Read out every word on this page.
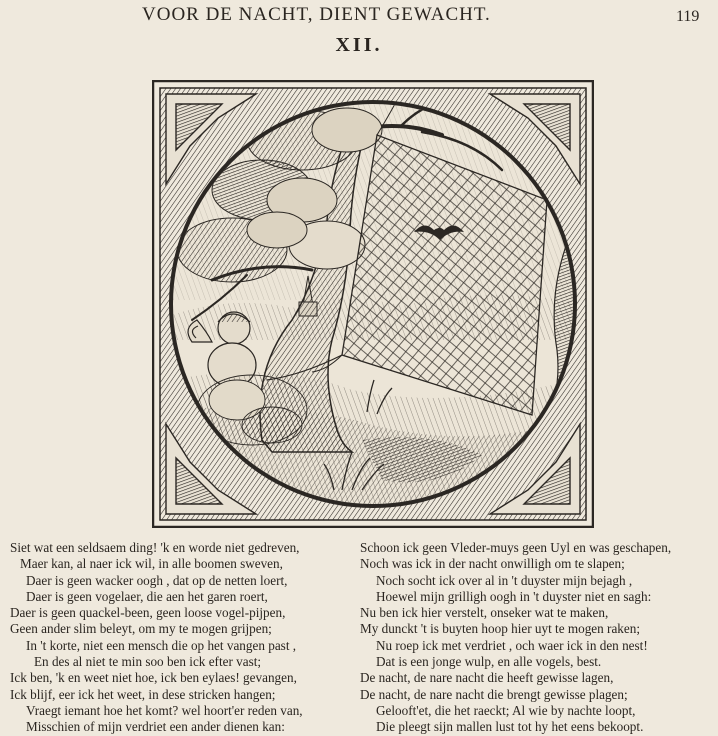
VOOR DE NACHT, DIENT GEWACHT.	119
XII.
Siet wat een seldsaem ding! 'k en worde niet gedreven,
Maer kan, al naer ick wil, in alle boomen sweven,
Daer is geen wacker oogh , dat op de netten loert,
Daer is geen vogelaer, die aen het garen roert,
Daer is geen quackel-been, geen loose vogel-pijpen,
Geen ander slim beleyt, om my te mogen grijpen;
In 't korte, niet een mensch die op het vangen past ,
En des al niet te min soo ben ick efter vast;
Ick ben, 'k en weet niet hoe, ick ben eylaes! gevangen,
Ick blijf, eer ick het weet, in dese stricken hangen;
Vraegt iemant hoe het komt? wel hoort'er reden van,
Misschien of mijn verdriet een ander dienen kan:
Schoon ick geen Vleder-muys geen Uyl en was geschapen,
Noch was ick in der nacht onwilligh om te slapen;
Noch socht ick over al in 't duyster mijn bejagh ,
Hoewel mijn grilligh oogh in 't duyster niet en sagh:
Nu ben ick hier verstelt, onseker wat te maken,
My dunckt 't is buyten hoop hier uyt te mogen raken;
Nu roep ick met verdriet , och waer ick in den nest!
Dat is een jonge wulp, en alle vogels, best.
De nacht, de nare nacht die heeft gewisse lagen,
De nacht, de nare nacht die brengt gewisse plagen;
Gelooft'et, die het raeckt; Al wie by nachte loopt,
Die pleegt sijn mallen lust tot hy het eens bekoopt.
